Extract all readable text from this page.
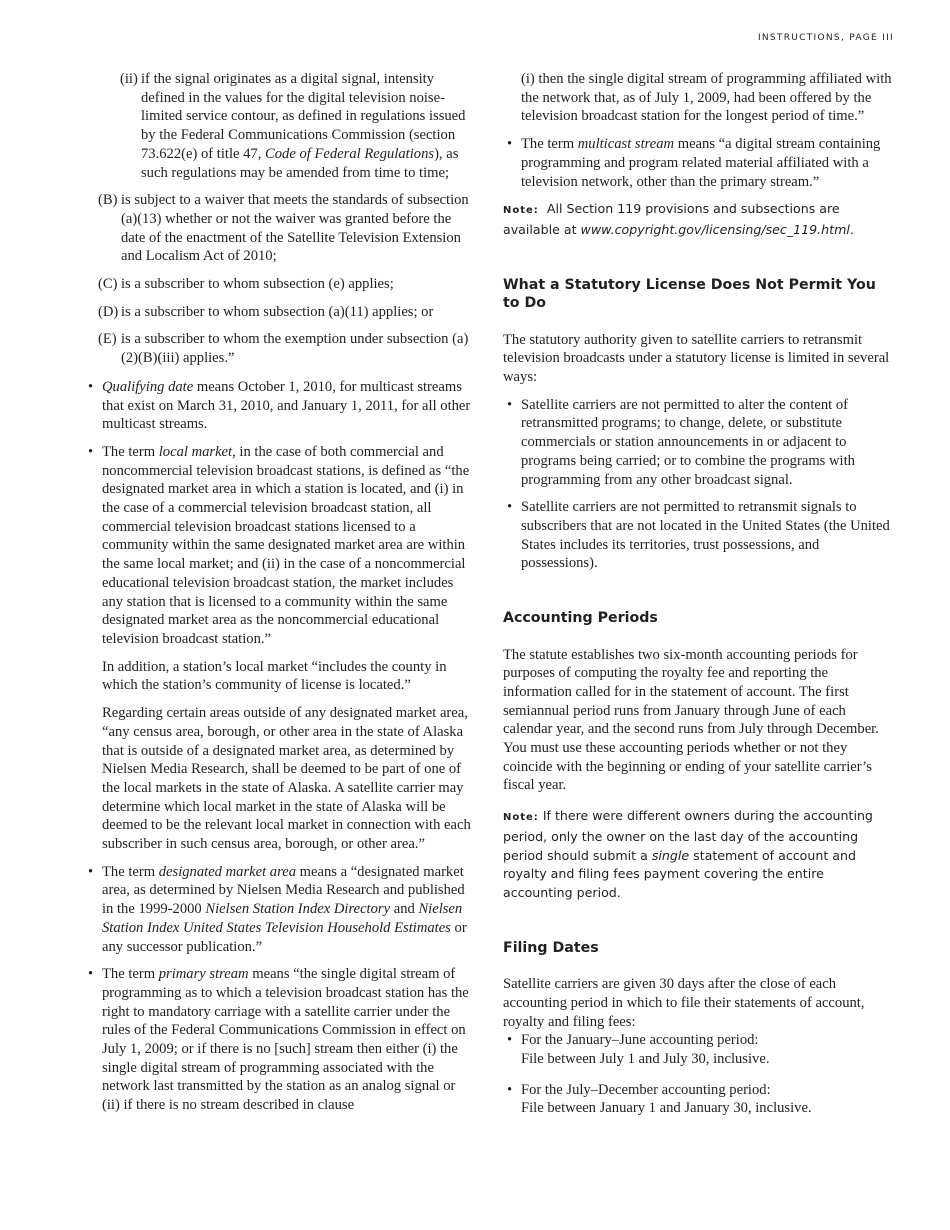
INSTRUCTIONS, PAGE III
(ii) if the signal originates as a digital signal, intensity defined in the values for the digital television noise-limited service contour, as defined in regulations issued by the Federal Communications Commission (section 73.622(e) of title 47, Code of Federal Regulations), as such regulations may be amended from time to time;
(B) is subject to a waiver that meets the standards of subsection (a)(13) whether or not the waiver was granted before the date of the enactment of the Satellite Television Extension and Localism Act of 2010;
(C) is a subscriber to whom subsection (e) applies;
(D) is a subscriber to whom subsection (a)(11) applies; or
(E) is a subscriber to whom the exemption under subsection (a)(2)(B)(iii) applies.”
• Qualifying date means October 1, 2010, for multicast streams that exist on March 31, 2010, and January 1, 2011, for all other multicast streams.
• The term local market, in the case of both commercial and noncommercial television broadcast stations, is defined as “the designated market area in which a station is located, and (i) in the case of a commercial television broadcast station, all commercial television broadcast stations licensed to a community within the same designated market area are within the same local market; and (ii) in the case of a noncommercial educational television broadcast station, the market includes any station that is licensed to a community within the same designated market area as the noncommercial educational television broadcast station.”

In addition, a station’s local market “includes the county in which the station’s community of license is located.”

Regarding certain areas outside of any designated market area, “any census area, borough, or other area in the state of Alaska that is outside of a designated market area, as determined by Nielsen Media Research, shall be deemed to be part of one of the local markets in the state of Alaska. A satellite carrier may determine which local market in the state of Alaska will be deemed to be the relevant local market in connection with each subscriber in such census area, borough, or other area.”

• The term designated market area means a “designated market area, as determined by Nielsen Media Research and published in the 1999-2000 Nielsen Station Index Directory and Nielsen Station Index United States Television Household Estimates or any successor publication.”
• The term primary stream means “the single digital stream of programming as to which a television broadcast station has the right to mandatory carriage with a satellite carrier under the rules of the Federal Communications Commission in effect on July 1, 2009; or if there is no [such] stream then either (i) the single digital stream of programming associated with the network last transmitted by the station as an analog signal or (ii) if there is no stream described in clause

(i) then the single digital stream of programming affiliated with the network that, as of July 1, 2009, had been offered by the television broadcast station for the longest period of time.”

• The term multicast stream means “a digital stream containing programming and program related material affiliated with a television network, other than the primary stream.”

Note: All Section 119 provisions and subsections are available at www.copyright.gov/licensing/sec_119.html.

What a Statutory License Does Not Permit You to Do

The statutory authority given to satellite carriers to retransmit television broadcasts under a statutory license is limited in several ways:

• Satellite carriers are not permitted to alter the content of retransmitted programs; to change, delete, or substitute commercials or station announcements in or adjacent to programs being carried; or to combine the programs with programming from any other broadcast signal.
• Satellite carriers are not permitted to retransmit signals to subscribers that are not located in the United States (the United States includes its territories, trust possessions, and possessions).

Accounting Periods

The statute establishes two six-month accounting periods for purposes of computing the royalty fee and reporting the information called for in the statement of account. The first semiannual period runs from January through June of each calendar year, and the second runs from July through December. You must use these accounting periods whether or not they coincide with the beginning or ending of your satellite carrier’s fiscal year.

Note: If there were different owners during the accounting period, only the owner on the last day of the accounting period should submit a single statement of account and royalty and filing fees payment covering the entire accounting period.

Filing Dates

Satellite carriers are given 30 days after the close of each accounting period in which to file their statements of account, royalty and filing fees:

• For the January–June accounting period:
File between July 1 and July 30, inclusive.
• For the July–December accounting period:
File between January 1 and January 30, inclusive.
